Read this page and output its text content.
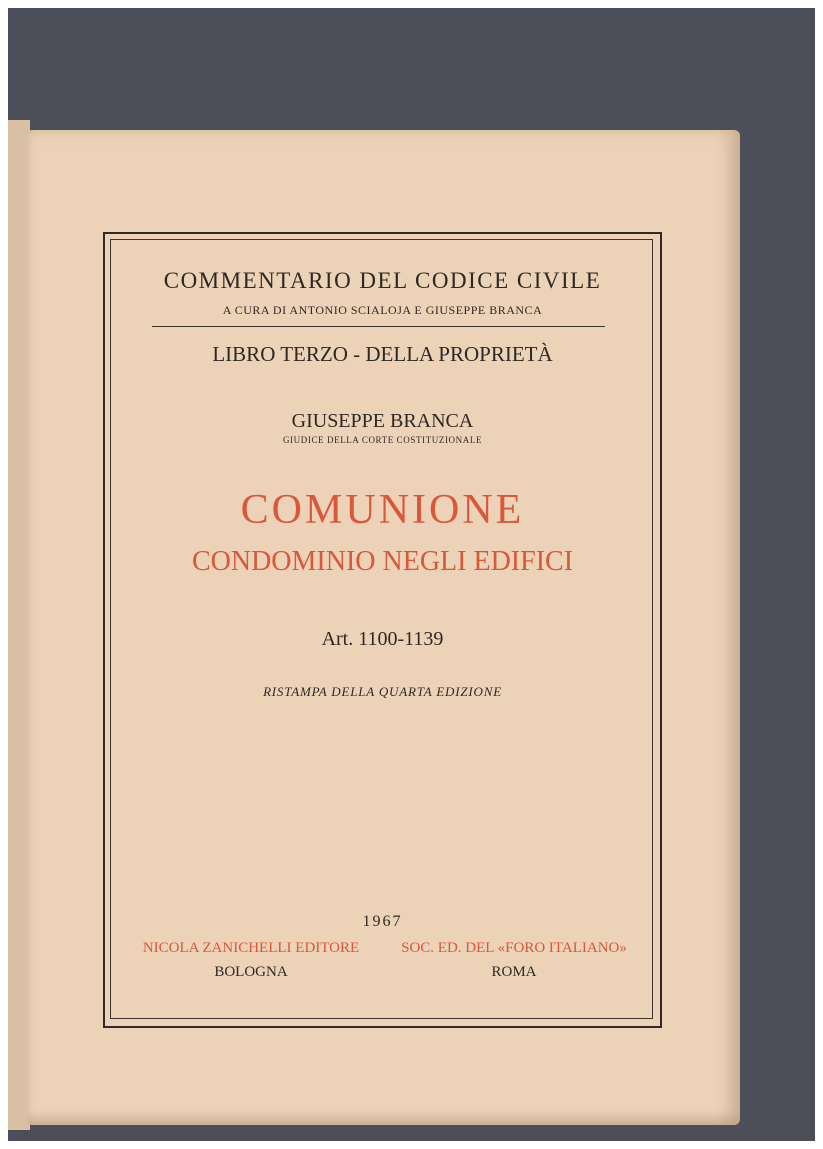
COMMENTARIO DEL CODICE CIVILE
A CURA DI ANTONIO SCIALOJA E GIUSEPPE BRANCA
LIBRO TERZO - DELLA PROPRIETÀ
GIUSEPPE BRANCA
GIUDICE DELLA CORTE COSTITUZIONALE
COMUNIONE
CONDOMINIO NEGLI EDIFICI
Art. 1100-1139
RISTAMPA DELLA QUARTA EDIZIONE
1967
NICOLA ZANICHELLI EDITORE
BOLOGNA
SOC. ED. DEL «FORO ITALIANO»
ROMA
